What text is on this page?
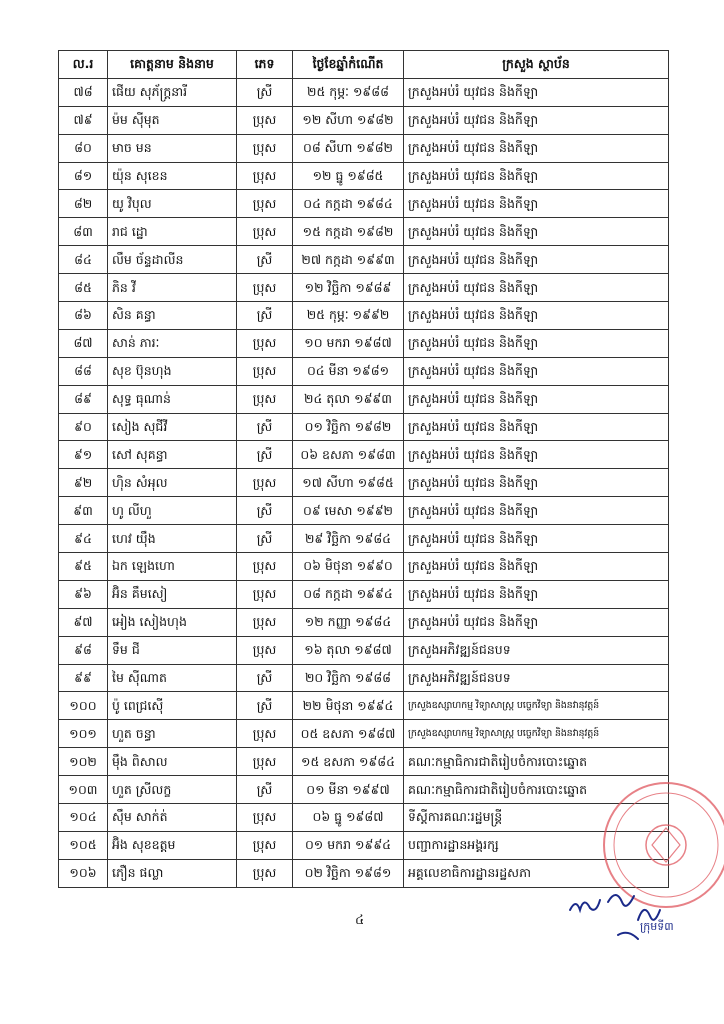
ល.រ	គោត្តនាម និងនាម	ភេទ	ថ្ងៃខែឆ្នាំកំណើត	ក្រសួង ស្ថាប័ន
៧៨	ផើយ សុភ័ក្រ្តនារី	ស្រី	២៥ កុម្ភៈ ១៩៨៨	ក្រសួងអប់រំ យុវជន និងកីឡា
៧៩	ម៉ម ស៊ីមុត	ប្រុស	១២ សីហា ១៩៨២	ក្រសួងអប់រំ យុវជន និងកីឡា
៨០	មាច មន	ប្រុស	០៨ សីហា ១៩៨២	ក្រសួងអប់រំ យុវជន និងកីឡា
៨១	យ៉ុន សុខេន	ប្រុស	១២ ធ្នូ ១៩៨៥	ក្រសួងអប់រំ យុវជន និងកីឡា
៨២	យូ វិបុល	ប្រុស	០៤ កក្កដា ១៩៨៤	ក្រសួងអប់រំ យុវជន និងកីឡា
៨៣	រាជ ដ្ឋោ	ប្រុស	១៥ កក្កដា ១៩៨២	ក្រសួងអប់រំ យុវជន និងកីឡា
៨៤	លឹម ច័ន្ទដាលីន	ស្រី	២៧ កក្កដា ១៩៩៣	ក្រសួងអប់រំ យុវជន និងកីឡា
៨៥	ភិន វី	ប្រុស	១២ វិច្ឆិកា ១៩៨៩	ក្រសួងអប់រំ យុវជន និងកីឡា
៨៦	សិន គន្ធា	ស្រី	២៥ កុម្ភៈ ១៩៩២	ក្រសួងអប់រំ យុវជន និងកីឡា
៨៧	សាន់ ភារៈ	ប្រុស	១០ មករា ១៩៨៧	ក្រសួងអប់រំ យុវជន និងកីឡា
៨៨	សុខ ប៊ុនហុង	ប្រុស	០៤ មីនា ១៩៨១	ក្រសួងអប់រំ យុវជន និងកីឡា
៨៩	សុទ្ធ ធុណាន់	ប្រុស	២៤ តុលា ១៩៩៣	ក្រសួងអប់រំ យុវជន និងកីឡា
៩០	សៀង សុជីវី	ស្រី	០១ វិច្ឆិកា ១៩៨២	ក្រសួងអប់រំ យុវជន និងកីឡា
៩១	សៅ សុគន្ធា	ស្រី	០៦ ឧសភា ១៩៨៣	ក្រសួងអប់រំ យុវជន និងកីឡា
៩២	ហ៊ិន សំអុល	ប្រុស	១៧ សីហា ១៩៨៥	ក្រសួងអប់រំ យុវជន និងកីឡា
៩៣	ហូ លីហួ	ស្រី	០៩ មេសា ១៩៩២	ក្រសួងអប់រំ យុវជន និងកីឡា
៩៤	ហេវ យ៉ឹង	ស្រី	២៩ វិច្ឆិកា ១៩៨៤	ក្រសួងអប់រំ យុវជន និងកីឡា
៩៥	ឯក ឡេងហោ	ប្រុស	០៦ មិថុនា ១៩៩០	ក្រសួងអប់រំ យុវជន និងកីឡា
៩៦	អ៊ិន គឹមសៀ	ប្រុស	០៨ កក្កដា ១៩៩៤	ក្រសួងអប់រំ យុវជន និងកីឡា
៩៧	អៀង សៀងហុង	ប្រុស	១២ កញ្ញា ១៩៨៤	ក្រសួងអប់រំ យុវជន និងកីឡា
៩៨	ទឹម ជី	ប្រុស	១៦ តុលា ១៩៨៧	ក្រសួងអភិវឌ្ឍន៍ជនបទ
៩៩	មៃ ស៊ីណាត	ស្រី	២០ វិច្ឆិកា ១៩៨៨	ក្រសួងអភិវឌ្ឍន៍ជនបទ
១០០	ប៉ូ ពេជ្រស៊ើ	ស្រី	២២ មិថុនា ១៩៩៤	ក្រសួងឧស្សាហកម្ម វិទ្យាសាស្រ្ត បច្ចេកវិទ្យា និងនវានុវត្តន៍
១០១	ហួត ចន្ធា	ប្រុស	០៥ ឧសភា ១៩៨៧	ក្រសួងឧស្សាហកម្ម វិទ្យាសាស្រ្ត បច្ចេកវិទ្យា និងនវានុវត្តន៍
១០២	ម៉ឹង ពិសាល	ប្រុស	១៥ ឧសភា ១៩៨៤	គណៈកម្មាធិការជាតិរៀបចំការបោះឆ្នោត
១០៣	ហួត ស្រីលក្ខ	ស្រី	០១ មីនា ១៩៩៧	គណៈកម្មាធិការជាតិរៀបចំការបោះឆ្នោត
១០៤	ស៊ឹម សាក់ត់	ប្រុស	០៦ ធ្នូ ១៩៨៧	ទីស្តីការគណៈរដ្ឋមន្ត្រី
១០៥	អ៊ិង សុខឧត្តម	ប្រុស	០១ មករា ១៩៩៤	បញ្ជាការដ្ឋានអង្គរក្ស
១០៦	ភឿន ផល្លា	ប្រុស	០២ វិច្ឆិកា ១៩៨១	អគ្គលេខាធិការដ្ឋានរដ្ឋសភា
៤	ក្រុមទី៣
